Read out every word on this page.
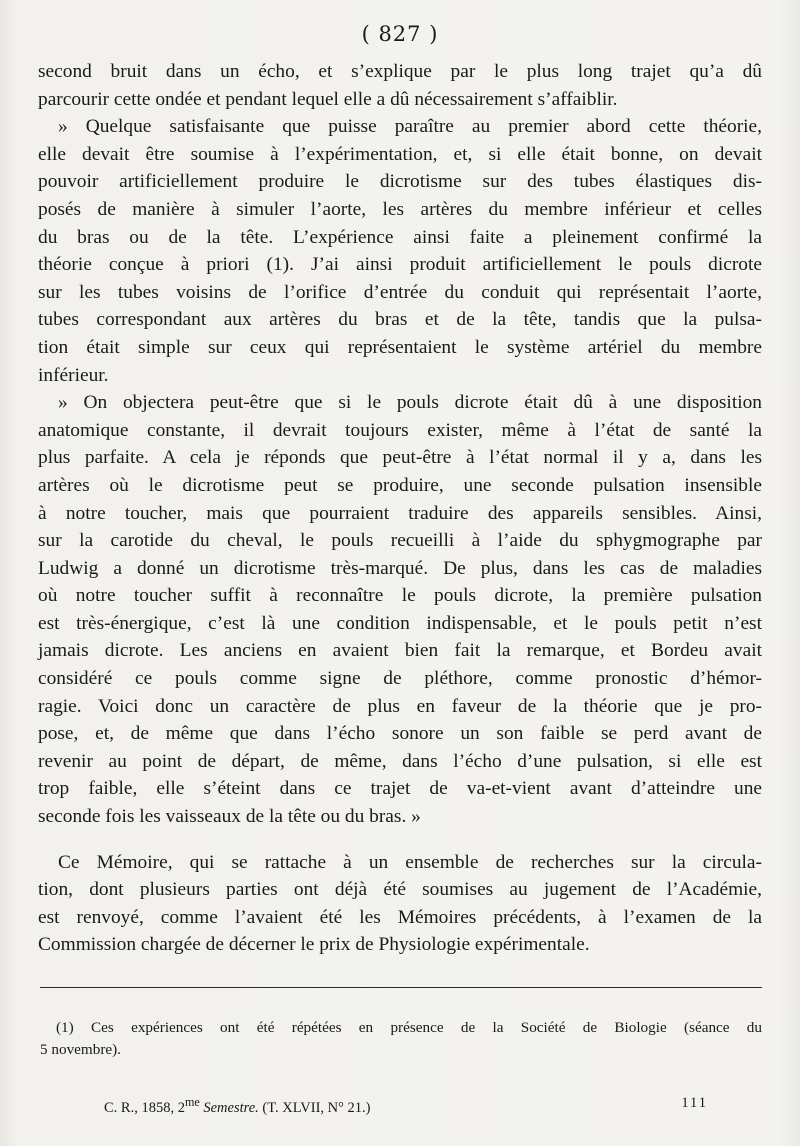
( 827 )

second bruit dans un écho, et s’explique par le plus long trajet qu’a dû
parcourir cette ondée et pendant lequel elle a dû nécessairement s’affaiblir.

» Quelque satisfaisante que puisse paraître au premier abord cette théorie,
elle devait être soumise à l’expérimentation, et, si elle était bonne, on devait
pouvoir artificiellement produire le dicrotisme sur des tubes élastiques dis-
posés de manière à simuler l’aorte, les artères du membre inférieur et celles
du bras ou de la tête. L’expérience ainsi faite a pleinement confirmé la
théorie conçue à priori (1). J’ai ainsi produit artificiellement le pouls dicrote
sur les tubes voisins de l’orifice d’entrée du conduit qui représentait l’aorte,
tubes correspondant aux artères du bras et de la tête, tandis que la pulsa-
tion était simple sur ceux qui représentaient le système artériel du membre
inférieur.

» On objectera peut-être que si le pouls dicrote était dû à une disposition
anatomique constante, il devrait toujours exister, même à l’état de santé la
plus parfaite. A cela je réponds que peut-être à l’état normal il y a, dans les
artères où le dicrotisme peut se produire, une seconde pulsation insensible
à notre toucher, mais que pourraient traduire des appareils sensibles. Ainsi,
sur la carotide du cheval, le pouls recueilli à l’aide du sphygmographe par
Ludwig a donné un dicrotisme très-marqué. De plus, dans les cas de maladies
où notre toucher suffit à reconnaître le pouls dicrote, la première pulsation
est très-énergique, c’est là une condition indispensable, et le pouls petit n’est
jamais dicrote. Les anciens en avaient bien fait la remarque, et Bordeu avait
considéré ce pouls comme signe de pléthore, comme pronostic d’hémor-
ragie. Voici donc un caractère de plus en faveur de la théorie que je pro-
pose, et, de même que dans l’écho sonore un son faible se perd avant de
revenir au point de départ, de même, dans l’écho d’une pulsation, si elle est
trop faible, elle s’éteint dans ce trajet de va-et-vient avant d’atteindre une
seconde fois les vaisseaux de la tête ou du bras. »

Ce Mémoire, qui se rattache à un ensemble de recherches sur la circula-
tion, dont plusieurs parties ont déjà été soumises au jugement de l’Académie,
est renvoyé, comme l’avaient été les Mémoires précédents, à l’examen de la
Commission chargée de décerner le prix de Physiologie expérimentale.

(1) Ces expériences ont été répétées en présence de la Société de Biologie (séance du
5 novembre).
C. R., 1858, $2^{me}$ Semestre. (T. XLVII, N° 21.)	111
